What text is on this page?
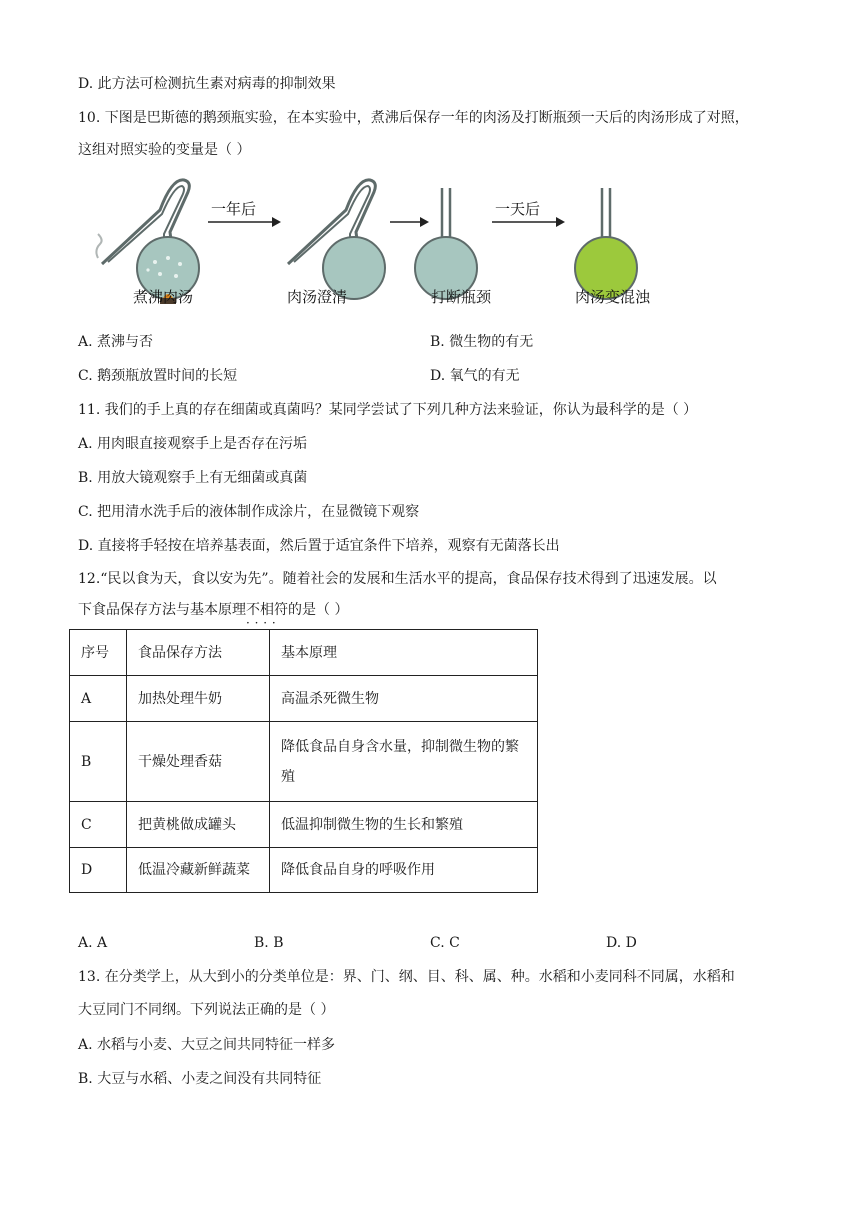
D. 此方法可检测抗生素对病毒的抑制效果
10. 下图是巴斯德的鹅颈瓶实验，在本实验中，煮沸后保存一年的肉汤及打断瓶颈一天后的肉汤形成了对照，
这组对照实验的变量是（ ）
一年后	一天后
煮沸肉汤	肉汤澄清	打断瓶颈	肉汤变混浊
A. 煮沸与否	B. 微生物的有无
C. 鹅颈瓶放置时间的长短	D. 氧气的有无
11. 我们的手上真的存在细菌或真菌吗？某同学尝试了下列几种方法来验证，你认为最科学的是（ ）
A. 用肉眼直接观察手上是否存在污垢
B. 用放大镜观察手上有无细菌或真菌
C. 把用清水洗手后的液体制作成涂片，在显微镜下观察
D. 直接将手轻按在培养基表面，然后置于适宜条件下培养，观察有无菌落长出
12.“民以食为天，食以安为先”。随着社会的发展和生活水平的提高，食品保存技术得到了迅速发展。以
下食品保存方法与基本原理不相符 · · · ·的是（ ）
序号	食品保存方法	基本原理
A	加热处理牛奶	高温杀死微生物
B	干燥处理香菇	降低食品自身含水量，抑制微生物的繁殖
C	把黄桃做成罐头	低温抑制微生物的生长和繁殖
D	低温冷藏新鲜蔬菜	降低食品自身的呼吸作用
A. A	B. B	C. C	D. D
13. 在分类学上，从大到小的分类单位是：界、门、纲、目、科、属、种。水稻和小麦同科不同属，水稻和
大豆同门不同纲。下列说法正确的是（ ）
A. 水稻与小麦、大豆之间共同特征一样多
B. 大豆与水稻、小麦之间没有共同特征
